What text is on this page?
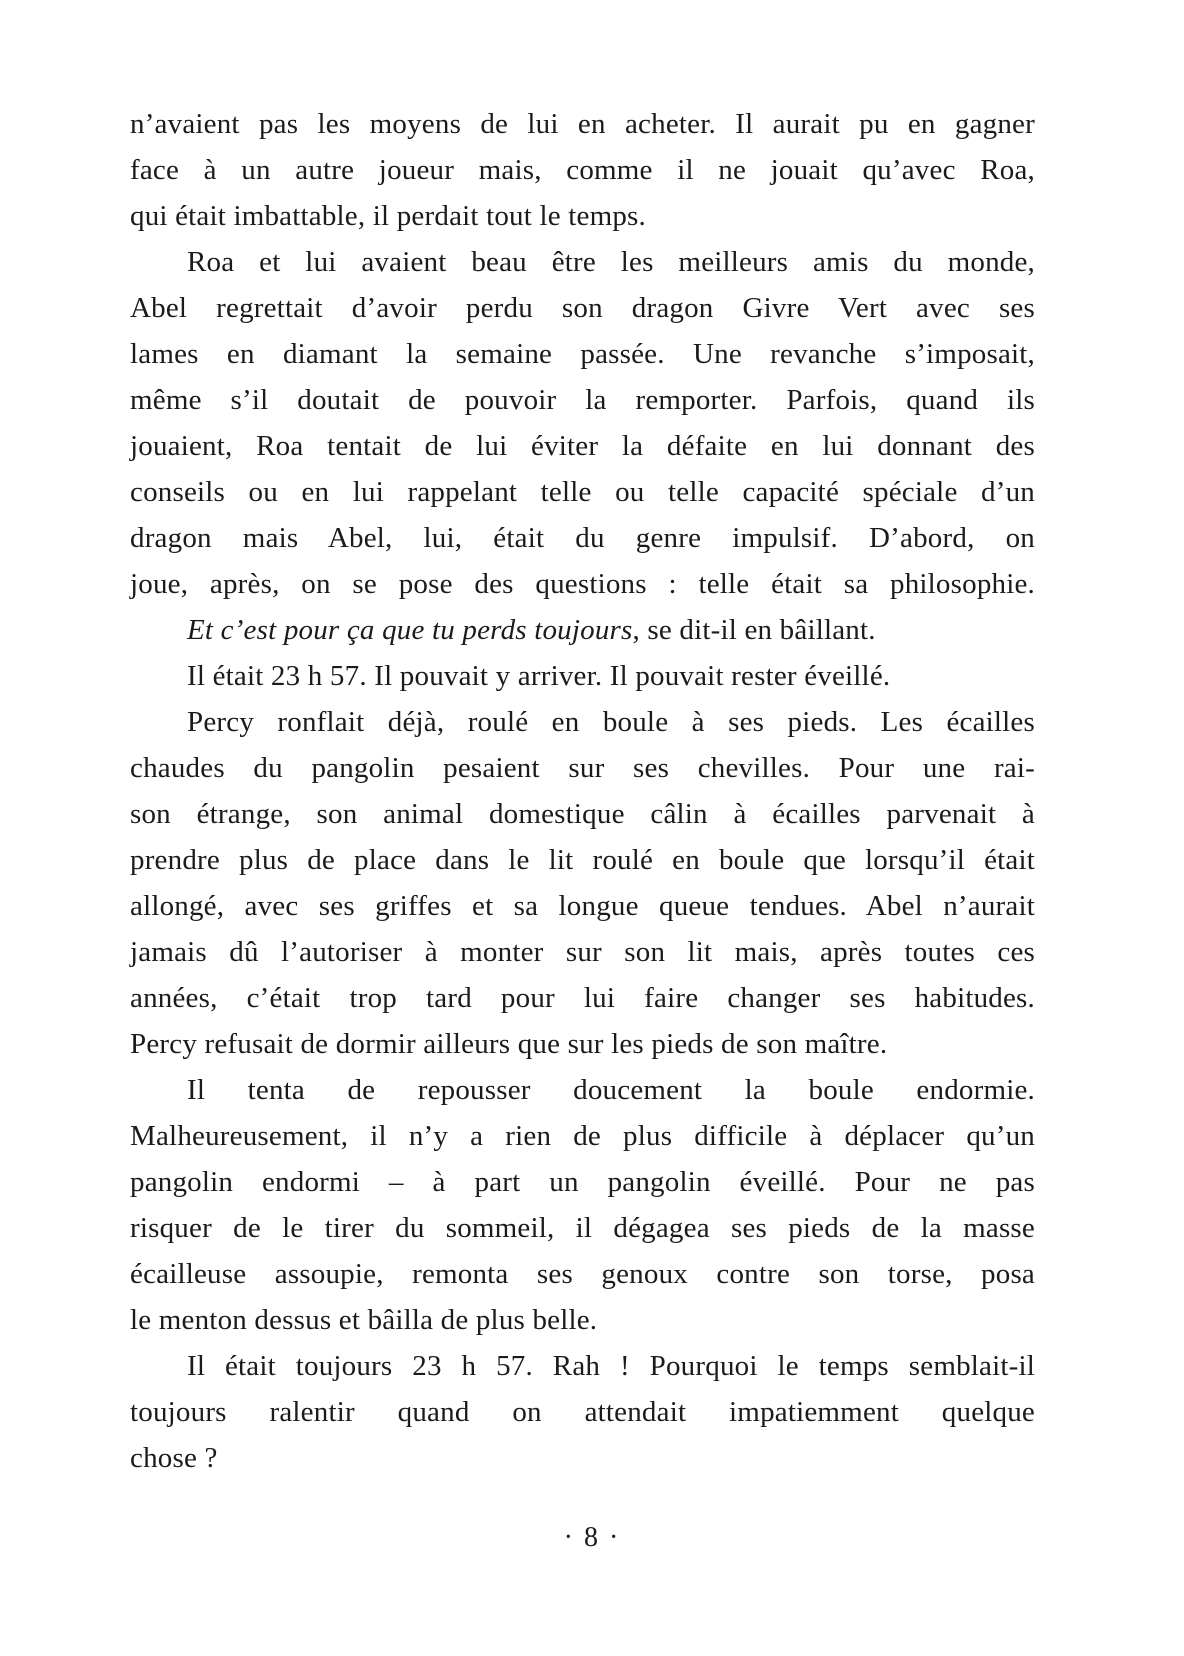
n’avaient pas les moyens de lui en acheter. Il aurait pu en gagner
face à un autre joueur mais, comme il ne jouait qu’avec Roa,
qui était imbattable, il perdait tout le temps.
Roa et lui avaient beau être les meilleurs amis du monde,
Abel regrettait d’avoir perdu son dragon Givre Vert avec ses
lames en diamant la semaine passée. Une revanche s’imposait,
même s’il doutait de pouvoir la remporter. Parfois, quand ils
jouaient, Roa tentait de lui éviter la défaite en lui donnant des
conseils ou en lui rappelant telle ou telle capacité spéciale d’un
dragon mais Abel, lui, était du genre impulsif. D’abord, on
joue, après, on se pose des questions : telle était sa philosophie.
Et c’est pour ça que tu perds toujours, se dit-il en bâillant.
Il était 23 h 57. Il pouvait y arriver. Il pouvait rester éveillé.
Percy ronflait déjà, roulé en boule à ses pieds. Les écailles
chaudes du pangolin pesaient sur ses chevilles. Pour une rai-
son étrange, son animal domestique câlin à écailles parvenait à
prendre plus de place dans le lit roulé en boule que lorsqu’il était
allongé, avec ses griffes et sa longue queue tendues. Abel n’aurait
jamais dû l’autoriser à monter sur son lit mais, après toutes ces
années, c’était trop tard pour lui faire changer ses habitudes.
Percy refusait de dormir ailleurs que sur les pieds de son maître.
Il tenta de repousser doucement la boule endormie.
Malheureusement, il n’y a rien de plus difficile à déplacer qu’un
pangolin endormi – à part un pangolin éveillé. Pour ne pas
risquer de le tirer du sommeil, il dégagea ses pieds de la masse
écailleuse assoupie, remonta ses genoux contre son torse, posa
le menton dessus et bâilla de plus belle.
Il était toujours 23 h 57. Rah ! Pourquoi le temps semblait-il
toujours ralentir quand on attendait impatiemment quelque
chose ?
· 8 ·
